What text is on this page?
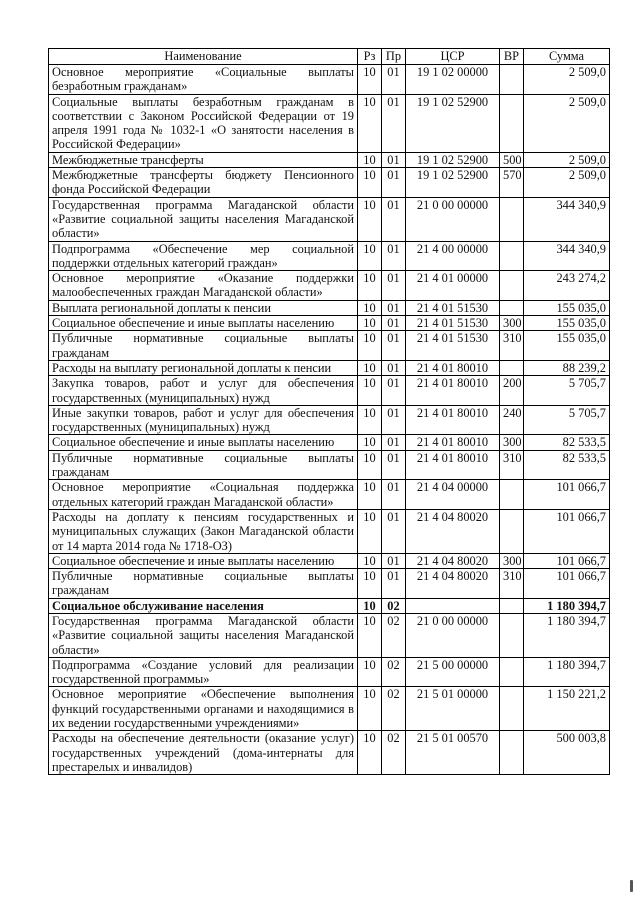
Наименование	Рз	Пр	ЦСР	ВР	Сумма
Основное мероприятие «Социальные выплаты безработным гражданам»	10	01	19 1 02 00000		2 509,0
Социальные выплаты безработным гражданам в соответствии с Законом Российской Федерации от 19 апреля 1991 года № 1032-1 «О занятости населения в Российской Федерации»	10	01	19 1 02 52900		2 509,0
Межбюджетные трансферты	10	01	19 1 02 52900	500	2 509,0
Межбюджетные трансферты бюджету Пенсионного фонда Российской Федерации	10	01	19 1 02 52900	570	2 509,0
Государственная программа Магаданской области «Развитие социальной защиты населения Магаданской области»	10	01	21 0 00 00000		344 340,9
Подпрограмма «Обеспечение мер социальной поддержки отдельных категорий граждан»	10	01	21 4 00 00000		344 340,9
Основное мероприятие «Оказание поддержки малообеспеченных граждан Магаданской области»	10	01	21 4 01 00000		243 274,2
Выплата региональной доплаты к пенсии	10	01	21 4 01 51530		155 035,0
Социальное обеспечение и иные выплаты населению	10	01	21 4 01 51530	300	155 035,0
Публичные нормативные социальные выплаты гражданам	10	01	21 4 01 51530	310	155 035,0
Расходы на выплату региональной доплаты к пенсии	10	01	21 4 01 80010		88 239,2
Закупка товаров, работ и услуг для обеспечения государственных (муниципальных) нужд	10	01	21 4 01 80010	200	5 705,7
Иные закупки товаров, работ и услуг для обеспечения государственных (муниципальных) нужд	10	01	21 4 01 80010	240	5 705,7
Социальное обеспечение и иные выплаты населению	10	01	21 4 01 80010	300	82 533,5
Публичные нормативные социальные выплаты гражданам	10	01	21 4 01 80010	310	82 533,5
Основное мероприятие «Социальная поддержка отдельных категорий граждан Магаданской области»	10	01	21 4 04 00000		101 066,7
Расходы на доплату к пенсиям государственных и муниципальных служащих (Закон Магаданской области от 14 марта 2014 года № 1718-ОЗ)	10	01	21 4 04 80020		101 066,7
Социальное обеспечение и иные выплаты населению	10	01	21 4 04 80020	300	101 066,7
Публичные нормативные социальные выплаты гражданам	10	01	21 4 04 80020	310	101 066,7
Социальное обслуживание населения	10	02			1 180 394,7
Государственная программа Магаданской области «Развитие социальной защиты населения Магаданской области»	10	02	21 0 00 00000		1 180 394,7
Подпрограмма «Создание условий для реализации государственной программы»	10	02	21 5 00 00000		1 180 394,7
Основное мероприятие «Обеспечение выполнения функций государственными органами и находящимися в их ведении государственными учреждениями»	10	02	21 5 01 00000		1 150 221,2
Расходы на обеспечение деятельности (оказание услуг) государственных учреждений (дома-интернаты для престарелых и инвалидов)	10	02	21 5 01 00570		500 003,8
